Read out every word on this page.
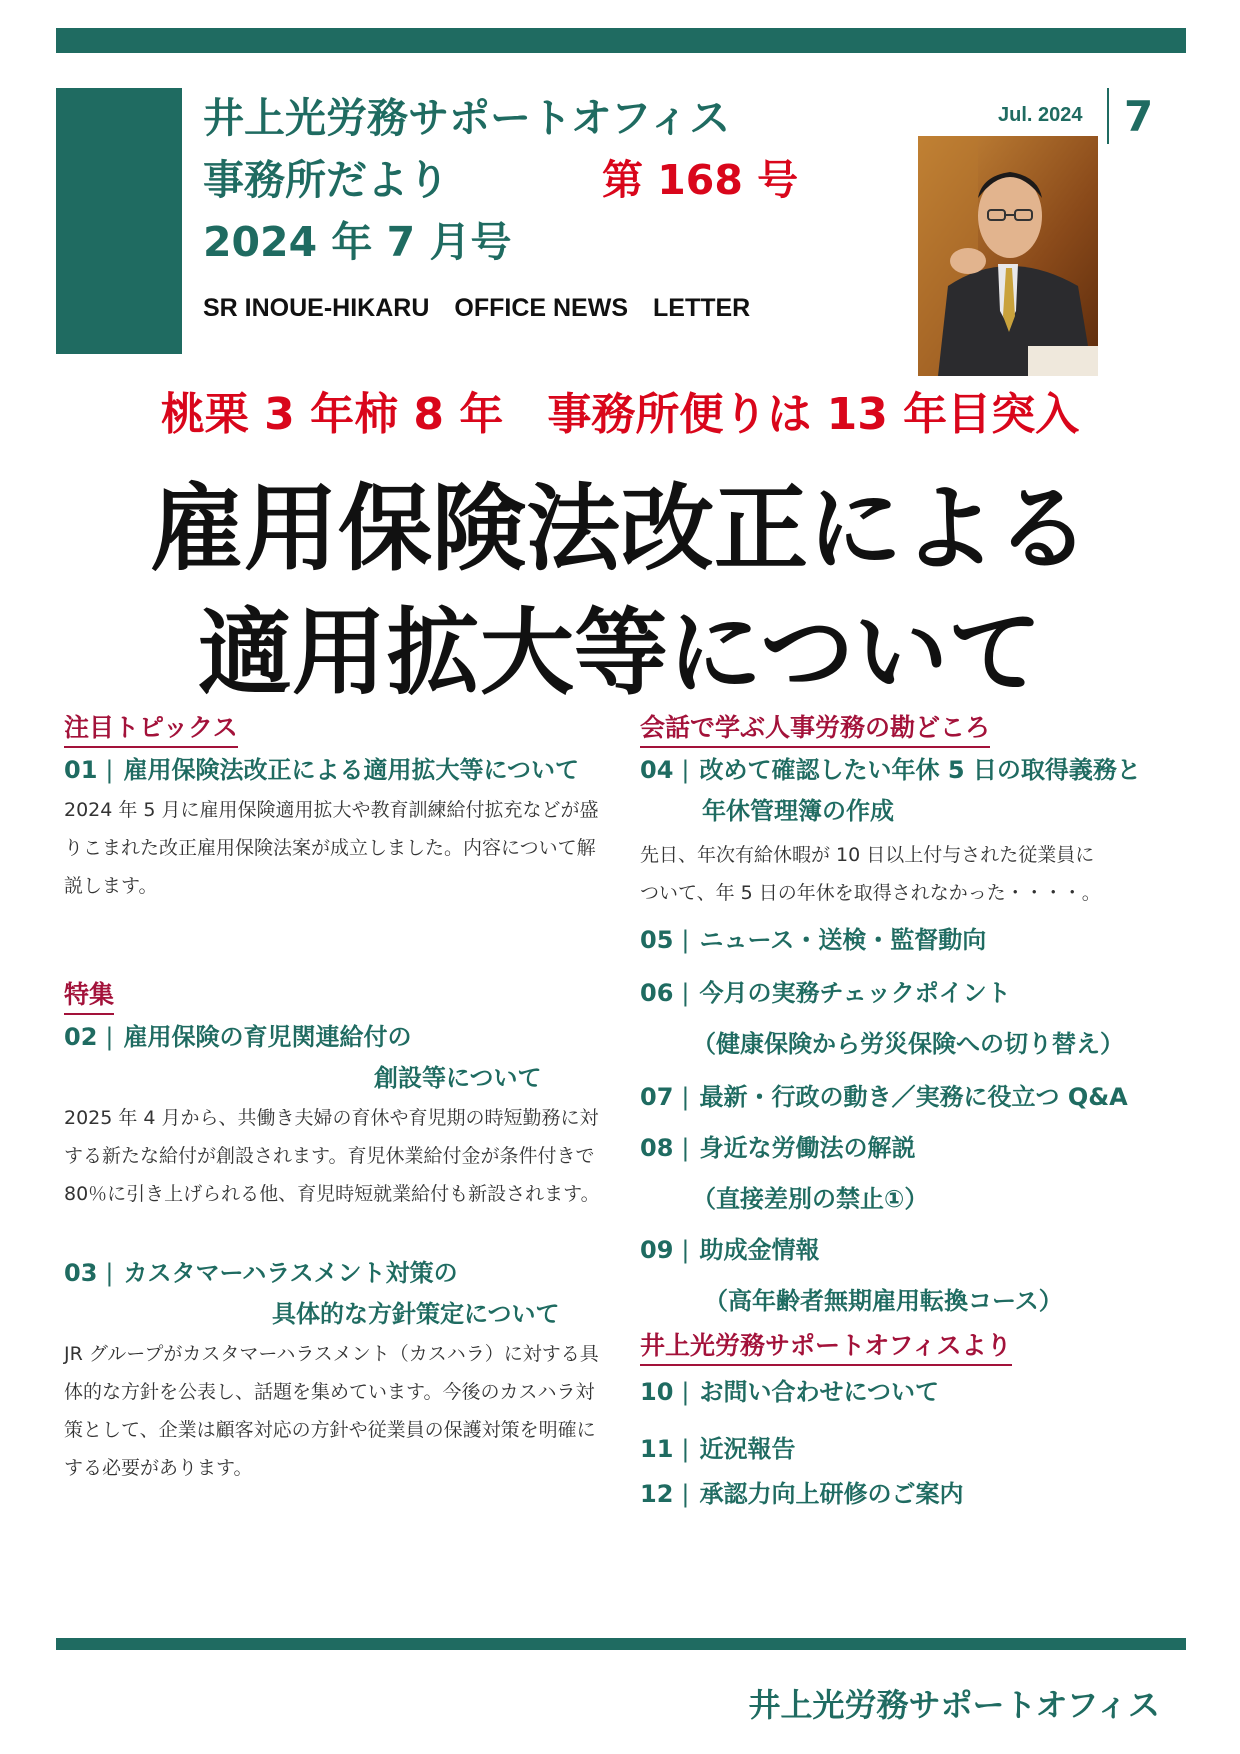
井上光労務サポートオフィス
事務所だより	第 168 号
2024 年 7 月号
SR INOUE-HIKARU　OFFICE NEWS　LETTER
Jul. 2024 7
桃栗 3 年柿 8 年　事務所便りは 13 年目突入
雇用保険法改正による
適用拡大等について
注目トピックス
01 | 雇用保険法改正による適用拡大等について
2024 年 5 月に雇用保険適用拡大や教育訓練給付拡充などが盛りこまれた改正雇用保険法案が成立しました。内容について解説します。
特集
02 | 雇用保険の育児関連給付の
創設等について
2025 年 4 月から、共働き夫婦の育休や育児期の時短勤務に対する新たな給付が創設されます。育児休業給付金が条件付きで 80％に引き上げられる他、育児時短就業給付も新設されます。
03 | カスタマーハラスメント対策の
具体的な方針策定について
JR グループがカスタマーハラスメント（カスハラ）に対する具体的な方針を公表し、話題を集めています。今後のカスハラ対策として、企業は顧客対応の方針や従業員の保護対策を明確にする必要があります。
会話で学ぶ人事労務の勘どころ
04 | 改めて確認したい年休 5 日の取得義務と
年休管理簿の作成
先日、年次有給休暇が 10 日以上付与された従業員に
ついて、年 5 日の年休を取得されなかった・・・・。
05 | ニュース・送検・監督動向
06 | 今月の実務チェックポイント
（健康保険から労災保険への切り替え）
07 | 最新・行政の動き／実務に役立つ Q&A
08 | 身近な労働法の解説
（直接差別の禁止①）
09 | 助成金情報
（高年齢者無期雇用転換コース）
井上光労務サポートオフィスより
10 | お問い合わせについて
11 | 近況報告
12 | 承認力向上研修のご案内
井上光労務サポートオフィス
